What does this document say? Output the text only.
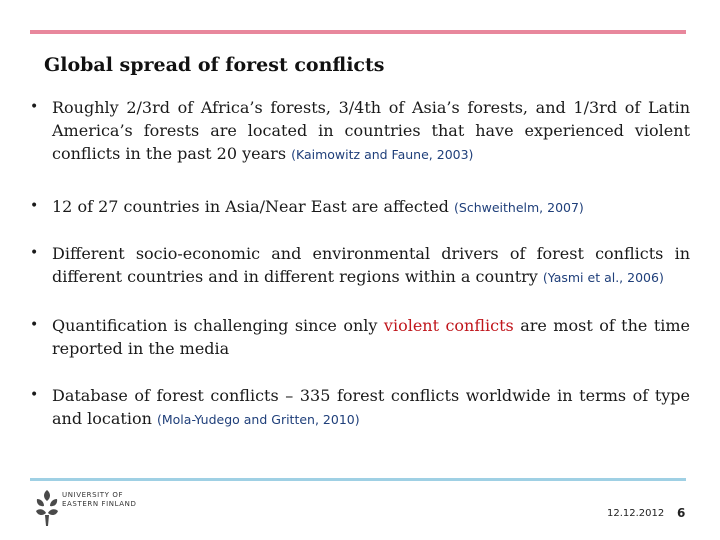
Global spread of forest conflicts
• Roughly 2/3rd of Africa’s forests, 3/4th of Asia’s forests, and 1/3rd of Latin America’s forests are located in countries that have experienced violent conflicts in the past 20 years (Kaimowitz and Faune, 2003)
• 12 of 27 countries in Asia/Near East are affected (Schweithelm, 2007)
• Different socio-economic and environmental drivers of forest conflicts in different countries and in different regions within a country (Yasmi et al., 2006)
• Quantification is challenging since only violent conflicts are most of the time reported in the media
• Database of forest conflicts – 335 forest conflicts worldwide in terms of type and location (Mola-Yudego and Gritten, 2010)
UNIVERSITY OF
EASTERN FINLAND
12.12.2012 6
